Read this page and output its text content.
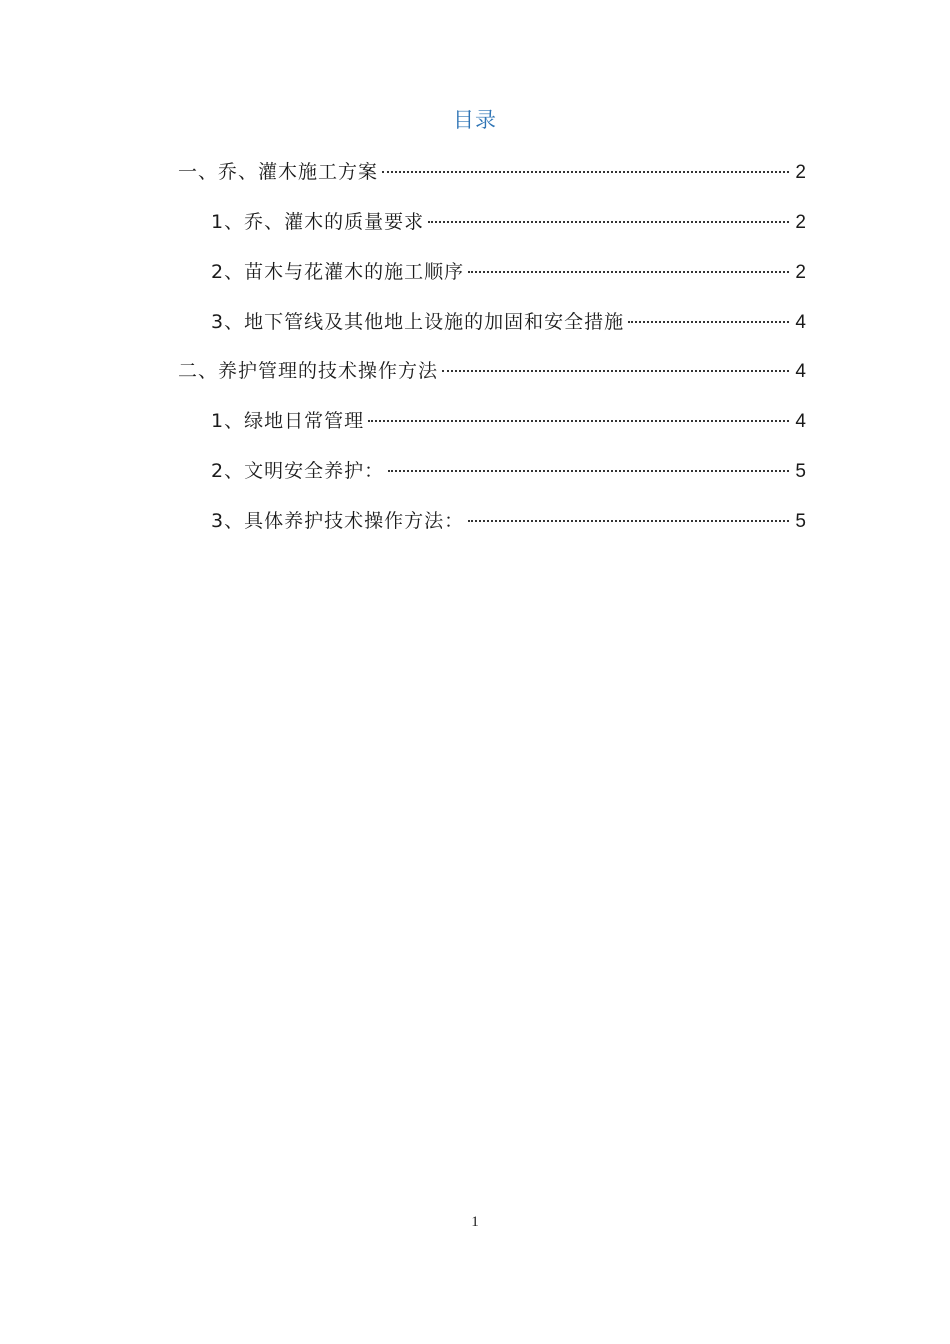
目录
一、乔、灌木施工方案	2
1、乔、灌木的质量要求	2
2、苗木与花灌木的施工顺序	2
3、地下管线及其他地上设施的加固和安全措施	4
二、养护管理的技术操作方法	4
1、绿地日常管理	4
2、文明安全养护：	5
3、具体养护技术操作方法：	5
1
